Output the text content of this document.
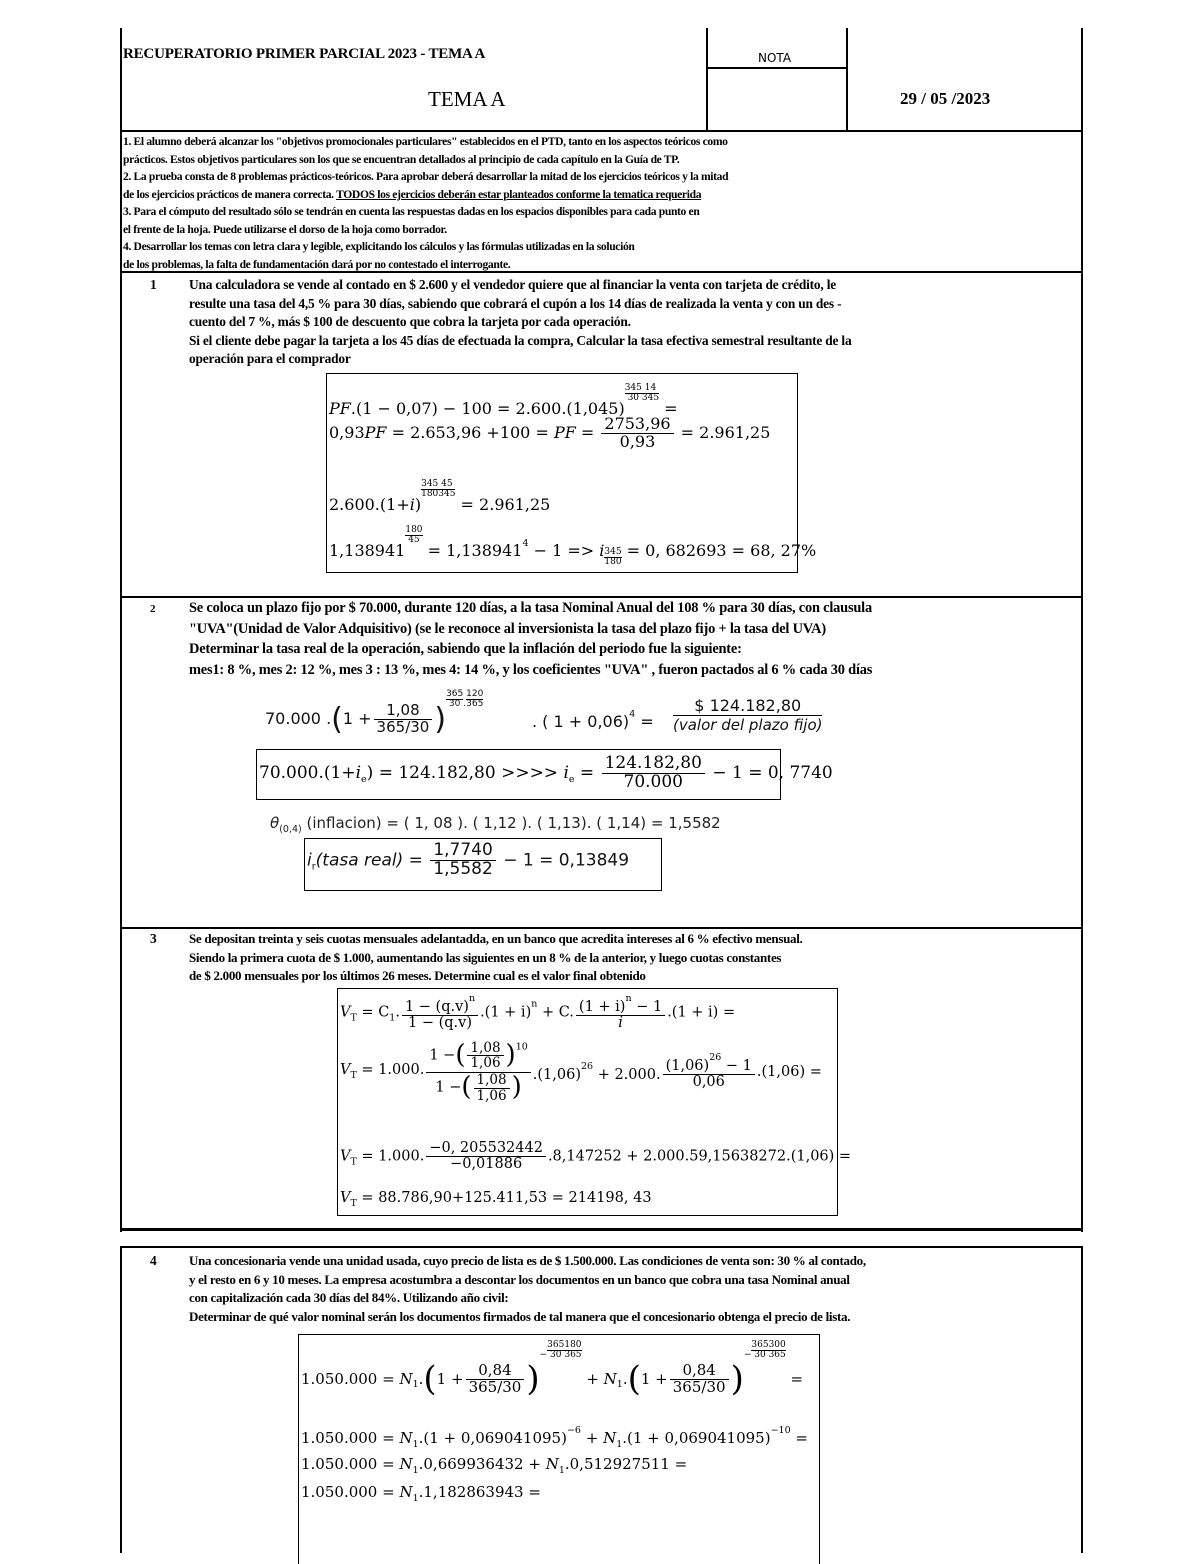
RECUPERATORIO PRIMER PARCIAL 2023 - TEMA A	NOTA
TEMA A	29 / 05 /2023
1. El alumno deberá alcanzar los "objetivos promocionales particulares" establecidos en el PTD, tanto en los aspectos teóricos como
prácticos. Estos objetivos particulares son los que se encuentran detallados al principio de cada capítulo en la Guía de TP.
2. La prueba consta de 8 problemas prácticos-teóricos. Para aprobar deberá desarrollar la mitad de los ejercicios teóricos y la mitad
de los ejercicios prácticos de manera correcta. TODOS los ejercicios deberán estar planteados conforme la tematica requerida
3. Para el cómputo del resultado sólo se tendrán en cuenta las respuestas dadas en los espacios disponibles para cada punto en
el frente de la hoja. Puede utilizarse el dorso de la hoja como borrador.
4. Desarrollar los temas con letra clara y legible, explicitando los cálculos y las fórmulas utilizadas en la solución
de los problemas, la falta de fundamentación dará por no contestado el interrogante.
1 Una calculadora se vende al contado en $ 2.600 y el vendedor quiere que al financiar la venta con tarjeta de crédito, le
resulte una tasa del 4,5 % para 30 días, sabiendo que cobrará el cupón a los 14 días de realizada la venta y con un des -
cuento del 7 %, más $ 100 de descuento que cobra la tarjeta por cada operación.
Si el cliente debe pagar la tarjeta a los 45 días de efectuada la compra, Calcular la tasa efectiva semestral resultante de la
operación para el comprador
PF.(1 − 0,07) − 100 = 2.600.(1,045)
$\frac{345}{30} \frac{14}{345}$
=
0,93PF = 2.653,96 +100 = PF = $\frac{2753,96}{0,93} = 2.961,25$
2.600.(1+i)
$\frac{345}{180} \frac{45}{345}$
= 2.961,25
1,138941
$\frac{180}{45}$
= $1,138941^4 - 1 => i \frac{345}{180} = 0$, 682693 = 68, 27%
2 Se coloca un plazo fijo por $ 70.000, durante 120 días, a la tasa Nominal Anual del 108 % para 30 días, con clausula
"UVA"(Unidad de Valor Adquisitivo) (se le reconoce al inversionista la tasa del plazo fijo + la tasa del UVA)
Determinar la tasa real de la operación, sabiendo que la inflación del periodo fue la siguiente:
mes1: 8 %, mes 2: 12 %, mes 3 : 13 %, mes 4: 14 %, y los coeficientes "UVA" , fueron pactados al 6 % cada 30 días
70.000 $.(1 + \frac{1,08}{365/30}$ )
$\frac{365}{30}$ . $\frac{120}{365}$
. ( 1 + 0,06)$^4$ =
$ 124.182,80
(valor del plazo fijo)
$70.000.(1+i_e) = 124.182,80$ >>>> $i_e = \frac{124.182,80}{70.000} - 1 = 0$, 7740
$\theta_{(0,4)}$ (inflacion) = ( 1, 08 ). ( 1,12 ). ( 1,13). ( 1,14) = 1,5582
$i_r(tasa$ real) = $\frac{1,7740}{1,5582} - 1 = 0,13849$
3	Se depositan treinta y seis cuotas mensuales adelantadda, en un banco que acredita intereses al 6 % efectivo mensual.
Siendo la primera cuota de $ 1.000, aumentando las siguientes en un 8 % de la anterior, y luego cuotas constantes
de $ 2.000 mensuales por los últimos 26 meses. Determine cual es el valor final obtenido
$V_T = C_1$. $\frac{1 - (q.v)^n}{1 - (q.v)} .(1 + i)^n + C$. $\frac{(1 + i)^n - 1}{i} .(1 + i)$ =
$V_T = 1.000$. $\frac{1 -( \frac{1,08}{1,06} )^{10}}{1 -( \frac{1,08}{1,06} )} .(1,06)^{26} + 2.000$. $\frac{(1,06)^{26} - 1}{0,06} .(1,06)$ =
$V_T = 1.000$. $\frac{-0, 205532442}{-0,01886} .8,147252 + 2.000.59,15638272.(1,06)$ =
$V_T = 88.786,90+125.411,53 = 214198$, 43
4	Una concesionaria vende una unidad usada, cuyo precio de lista es de $ 1.500.000. Las condiciones de venta son: 30 % al contado,
y el resto en 6 y 10 meses. La empresa acostumbra a descontar los documentos en un banco que cobra una tasa Nominal anual
con capitalización cada 30 días del 84%. Utilizando año civil:
Determinar de qué valor nominal serán los documentos firmados de tal manera que el concesionario obtenga el precio de lista.
$1.050.000 = N_1.(1 + \frac{0,84}{365/30}$ )− $\frac{365}{30} \frac{180}{365}$
+ $N_1.(1 + \frac{0,84}{365/30}$ )− $\frac{365}{30} \frac{300}{365}$
=
$1.050.000 = N_1.(1 + 0,069041095)^{-6} + N_1.(1 + 0,069041095)^{-10}$ =
$1.050.000 = N_1.0,669936432 + N_1.0,512927511$ =
$1.050.000 = N_1.1,182863943$ =
